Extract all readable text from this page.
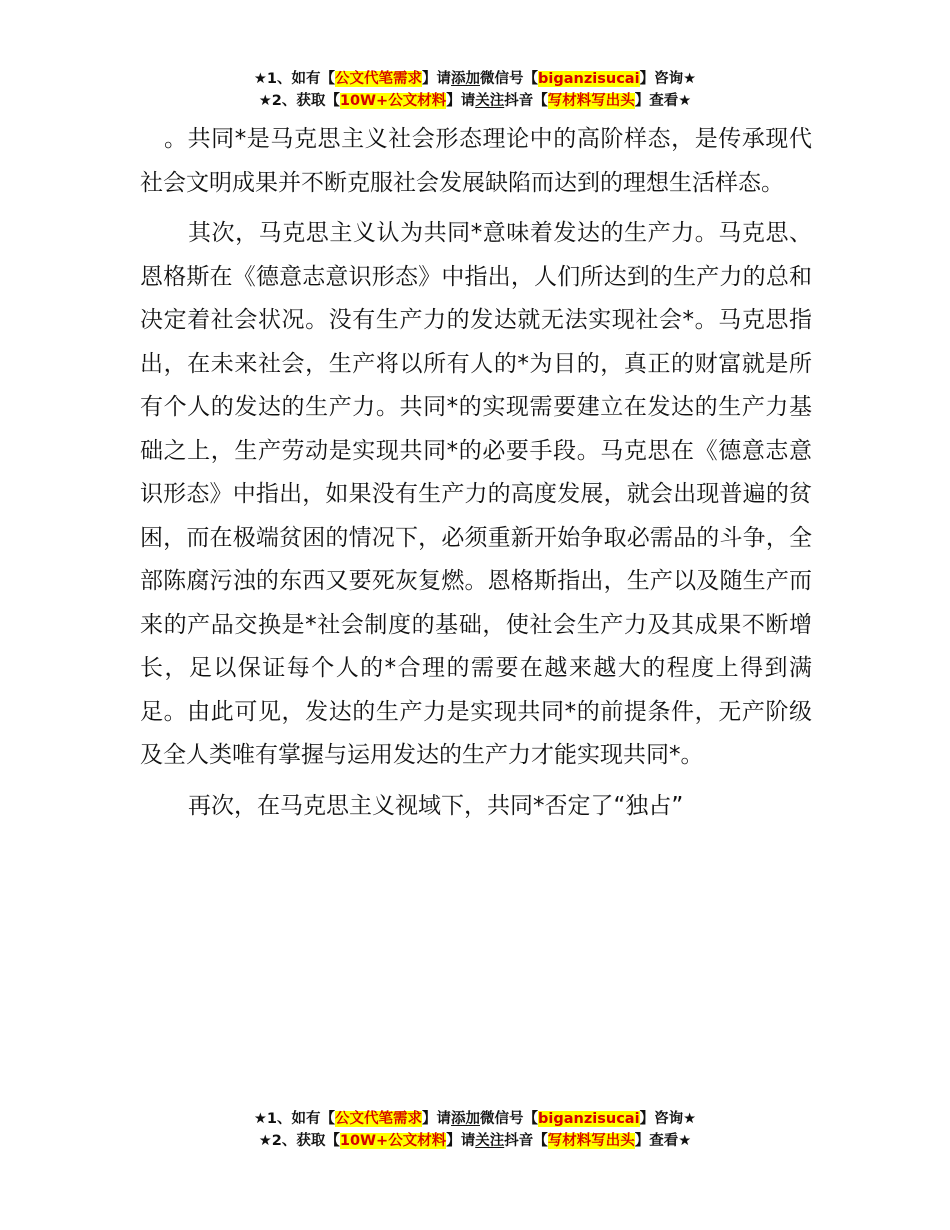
★1、如有【公文代笔需求】请添加微信号【biganzisucai】咨询★
★2、获取【10W+公文材料】请关注抖音【写材料写出头】查看★

。共同*是马克思主义社会形态理论中的高阶样态，是传承现代社会文明成果并不断克服社会发展缺陷而达到的理想生活样态。

其次，马克思主义认为共同*意味着发达的生产力。马克思、恩格斯在《德意志意识形态》中指出，人们所达到的生产力的总和决定着社会状况。没有生产力的发达就无法实现社会*。马克思指出，在未来社会，生产将以所有人的*为目的，真正的财富就是所有个人的发达的生产力。共同*的实现需要建立在发达的生产力基础之上，生产劳动是实现共同*的必要手段。马克思在《德意志意识形态》中指出，如果没有生产力的高度发展，就会出现普遍的贫困，而在极端贫困的情况下，必须重新开始争取必需品的斗争，全部陈腐污浊的东西又要死灰复燃。恩格斯指出，生产以及随生产而来的产品交换是*社会制度的基础，使社会生产力及其成果不断增长，足以保证每个人的*合理的需要在越来越大的程度上得到满足。由此可见，发达的生产力是实现共同*的前提条件，无产阶级及全人类唯有掌握与运用发达的生产力才能实现共同*。

再次，在马克思主义视域下，共同*否定了“独占”

★1、如有【公文代笔需求】请添加微信号【biganzisucai】咨询★
★2、获取【10W+公文材料】请关注抖音【写材料写出头】查看★
